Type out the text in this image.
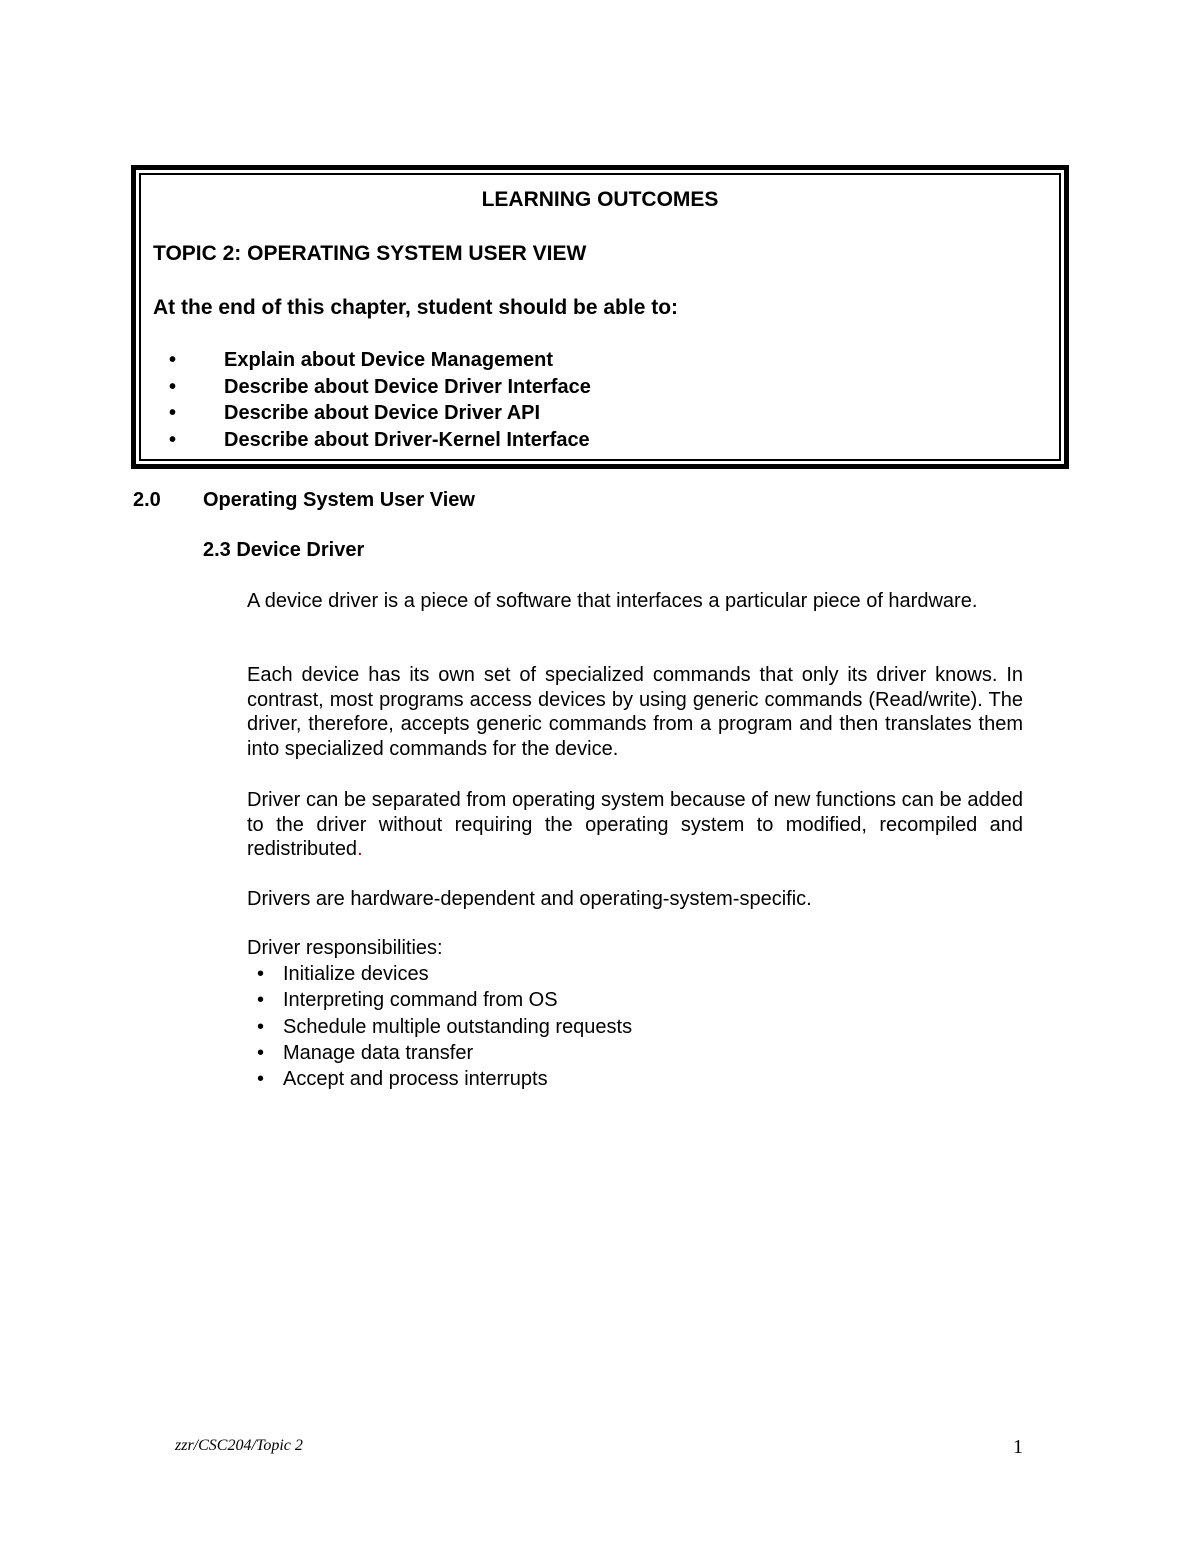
LEARNING OUTCOMES
TOPIC 2: OPERATING SYSTEM USER VIEW
At the end of this chapter, student should be able to:
• Explain about Device Management
• Describe about Device Driver Interface
• Describe about Device Driver API
• Describe about Driver-Kernel Interface
2.0 Operating System User View
2.3 Device Driver

A device driver is a piece of software that interfaces a particular piece of hardware.

Each device has its own set of specialized commands that only its driver knows. In contrast, most programs access devices by using generic commands (Read/write). The driver, therefore, accepts generic commands from a program and then translates them into specialized commands for the device.

Driver can be separated from operating system because of new functions can be added to the driver without requiring the operating system to modified, recompiled and redistributed.

Drivers are hardware-dependent and operating-system-specific.

Driver responsibilities:

• Initialize devices
• Interpreting command from OS
• Schedule multiple outstanding requests
• Manage data transfer
• Accept and process interrupts
zzr/CSC204/Topic 2	1
